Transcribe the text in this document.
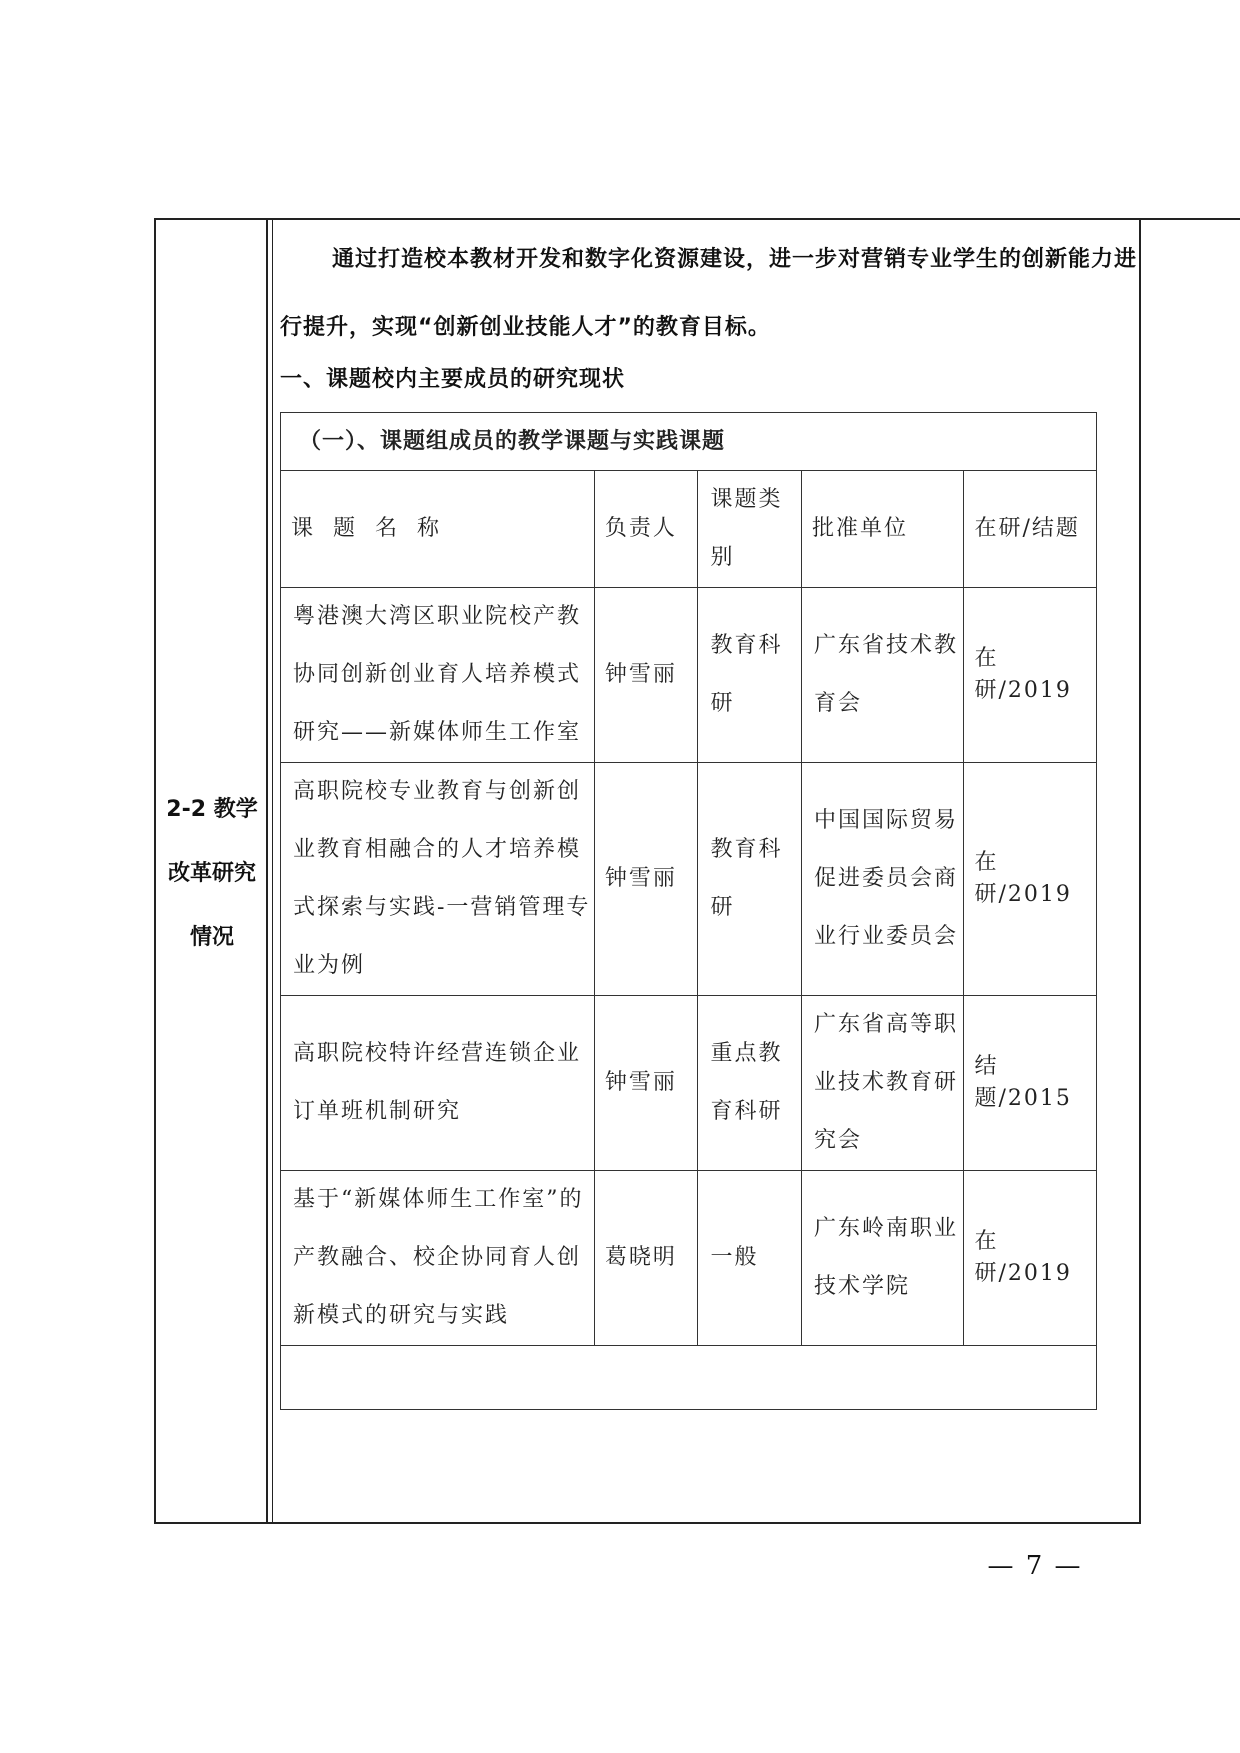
2-2 教学改革研究情况
通过打造校本教材开发和数字化资源建设，进一步对营销专业学生的创新能力进行提升，实现“创新创业技能人才”的教育目标。
一、课题校内主要成员的研究现状
（一）、课题组成员的教学课题与实践课题				
课题名称	负责人	课题类别	批准单位	在研/结题
粤港澳大湾区职业院校产教协同创新创业育人培养模式研究——新媒体师生工作室	钟雪丽	教育科研	广东省技术教育会	在研/2019
高职院校专业教育与创新创业教育相融合的人才培养模式探索与实践-一营销管理专业为例	钟雪丽	教育科研	中国国际贸易促进委员会商业行业委员会	在研/2019
高职院校特许经营连锁企业订单班机制研究	钟雪丽	重点教育科研	广东省高等职业技术教育研究会	结题/2015
基于“新媒体师生工作室”的产教融合、校企协同育人创新模式的研究与实践	葛晓明	一般	广东岭南职业技术学院	在研/2019

— 7 —
